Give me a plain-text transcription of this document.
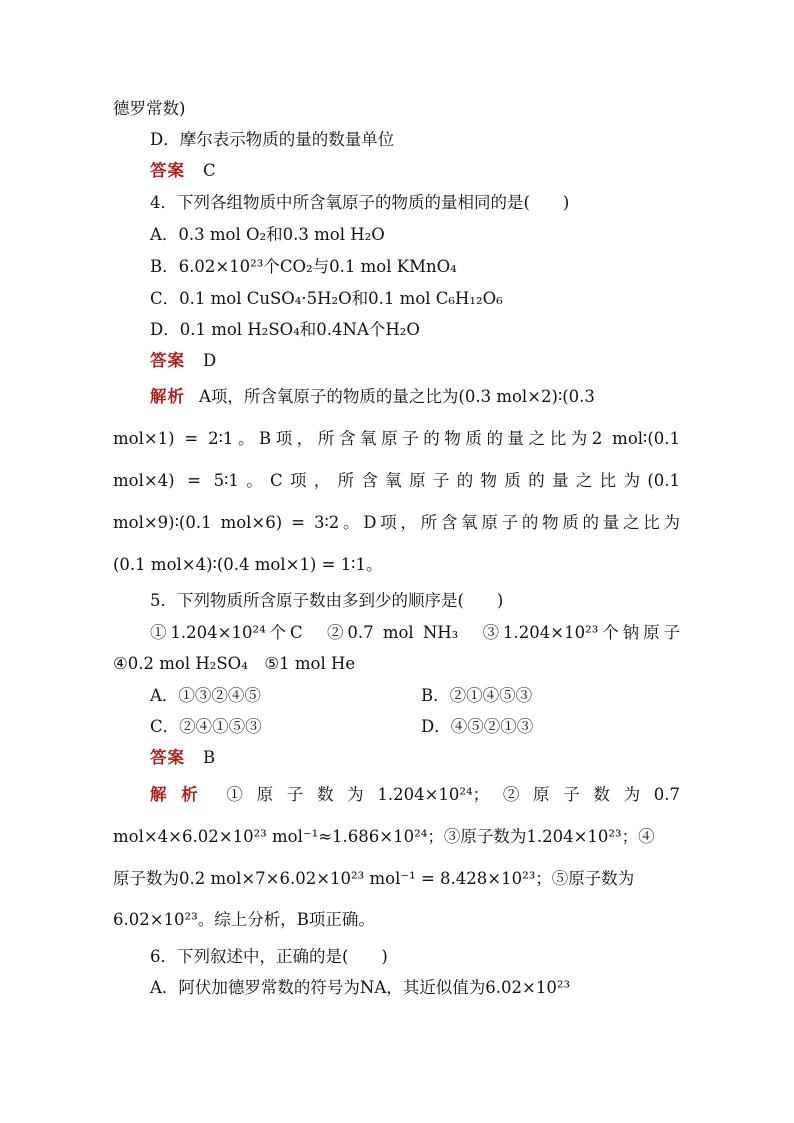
德罗常数)
D．摩尔表示物质的量的数量单位
答案 C
4．下列各组物质中所含氧原子的物质的量相同的是(　　)
A．0.3 mol O₂和0.3 mol H₂O
B．6.02×10²³个CO₂与0.1 mol KMnO₄
C．0.1 mol CuSO₄·5H₂O和0.1 mol C₆H₁₂O₆
D．0.1 mol H₂SO₄和0.4NA个H₂O
答案 D
解析 A项，所含氧原子的物质的量之比为(0.3 mol×2)∶(0.3
mol×1) = 2∶1。B项，所含氧原子的物质的量之比为2 mol∶(0.1
mol×4) = 5∶1。C项，所含氧原子的物质的量之比为(0.1
mol×9)∶(0.1 mol×6) = 3∶2。D项，所含氧原子的物质的量之比为
(0.1 mol×4)∶(0.4 mol×1) = 1∶1。
5．下列物质所含原子数由多到少的顺序是(　　)
①1.204×10²⁴个C　②0.7 mol NH₃　③1.204×10²³个钠原子
④0.2 mol H₂SO₄　⑤1 mol He
A．①③②④⑤	B．②①④⑤③
C．②④①⑤③	D．④⑤②①③
答案 B
解析 ①原子数为1.204×10²⁴；②原子数为0.7
mol×4×6.02×10²³ mol⁻¹≈1.686×10²⁴；③原子数为1.204×10²³；④
原子数为0.2 mol×7×6.02×10²³ mol⁻¹ = 8.428×10²³；⑤原子数为
6.02×10²³。综上分析，B项正确。
6．下列叙述中，正确的是(　　)
A．阿伏加德罗常数的符号为NA，其近似值为6.02×10²³
